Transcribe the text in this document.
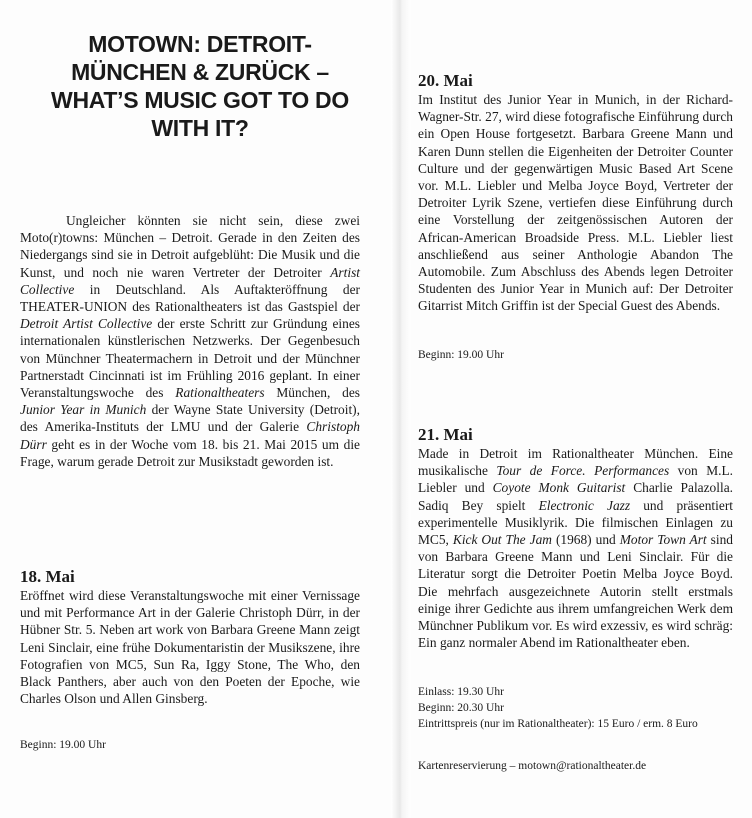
MOTOWN: DETROIT-MÜNCHEN & ZURÜCK – WHAT’S MUSIC GOT TO DO WITH IT?

Ungleicher könnten sie nicht sein, diese zwei Moto(r)towns: München – Detroit. Gerade in den Zeiten des Niedergangs sind sie in Detroit aufgeblüht: Die Musik und die Kunst, und noch nie waren Vertreter der Detroiter Artist Collective in Deutschland. Als Auftakteröffnung der THEATER-UNION des Rationaltheaters ist das Gastspiel der Detroit Artist Collective der erste Schritt zur Gründung eines internationalen künstlerischen Netzwerks. Der Gegenbesuch von Münchner Theatermachern in Detroit und der Münchner Partnerstadt Cincinnati ist im Frühling 2016 geplant. In einer Veranstaltungswoche des Rationaltheaters München, des Junior Year in Munich der Wayne State University (Detroit), des Amerika-Instituts der LMU und der Galerie Christoph Dürr geht es in der Woche vom 18. bis 21. Mai 2015 um die Frage, warum gerade Detroit zur Musikstadt geworden ist.

18. Mai

Eröffnet wird diese Veranstaltungswoche mit einer Vernissage und mit Performance Art in der Galerie Christoph Dürr, in der Hübner Str. 5. Neben art work von Barbara Greene Mann zeigt Leni Sinclair, eine frühe Dokumentaristin der Musikszene, ihre Fotografien von MC5, Sun Ra, Iggy Stone, The Who, den Black Panthers, aber auch von den Poeten der Epoche, wie Charles Olson und Allen Ginsberg.

Beginn: 19.00 Uhr
20. Mai

Im Institut des Junior Year in Munich, in der Richard-Wagner-Str. 27, wird diese fotografische Einführung durch ein Open House fortgesetzt. Barbara Greene Mann und Karen Dunn stellen die Eigenheiten der Detroiter Counter Culture und der gegenwärtigen Music Based Art Scene vor. M.L. Liebler und Melba Joyce Boyd, Vertreter der Detroiter Lyrik Szene, vertiefen diese Einführung durch eine Vorstellung der zeitgenössischen Autoren der African-American Broadside Press. M.L. Liebler liest anschließend aus seiner Anthologie Abandon The Automobile. Zum Abschluss des Abends legen Detroiter Studenten des Junior Year in Munich auf: Der Detroiter Gitarrist Mitch Griffin ist der Special Guest des Abends.

Beginn: 19.00 Uhr
21. Mai

Made in Detroit im Rationaltheater München. Eine musikalische Tour de Force. Performances von M.L. Liebler und Coyote Monk Guitarist Charlie Palazolla. Sadiq Bey spielt Electronic Jazz und präsentiert experimentelle Musiklyrik. Die filmischen Einlagen zu MC5, Kick Out The Jam (1968) und Motor Town Art sind von Barbara Greene Mann und Leni Sinclair. Für die Literatur sorgt die Detroiter Poetin Melba Joyce Boyd. Die mehrfach ausgezeichnete Autorin stellt erstmals einige ihrer Gedichte aus ihrem umfangreichen Werk dem Münchner Publikum vor. Es wird exzessiv, es wird schräg: Ein ganz normaler Abend im Rationaltheater eben.

Einlass: 19.30 Uhr
Beginn: 20.30 Uhr
Eintrittspreis (nur im Rationaltheater): 15 Euro / erm. 8 Euro
Kartenreservierung – motown@rationaltheater.de
